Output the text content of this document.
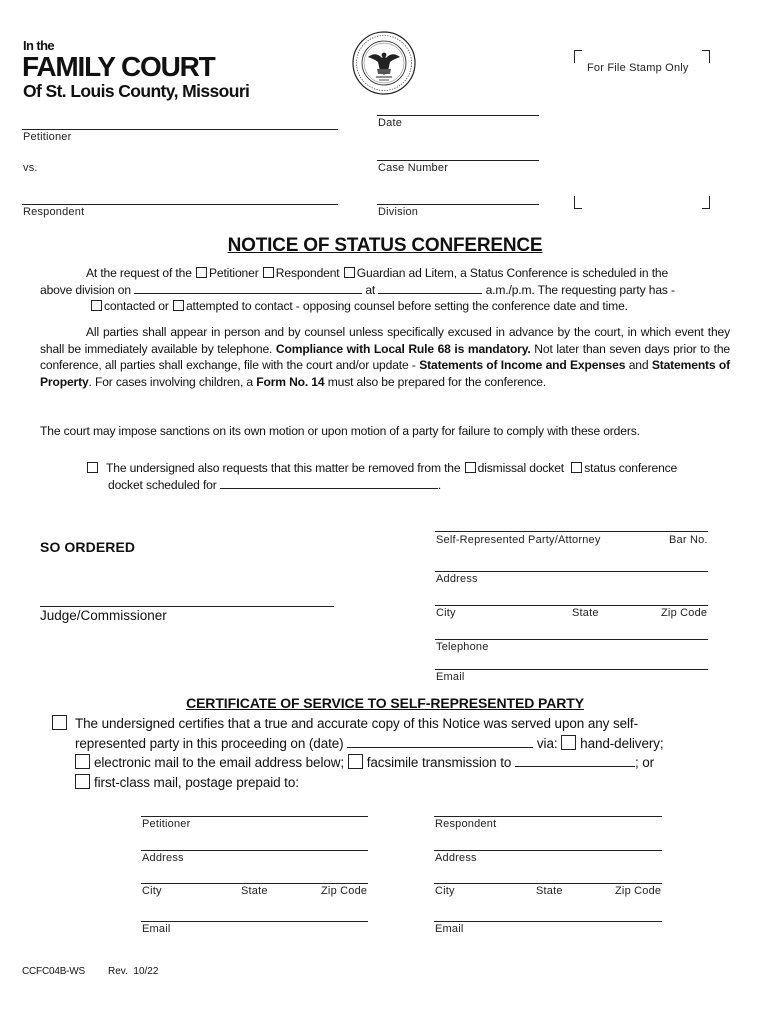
In the
FAMILY COURT
Of St. Louis County, Missouri
For File Stamp Only
Petitioner
vs.
Respondent
Date
Case Number
Division
NOTICE OF STATUS CONFERENCE
At the request of the Petitioner Respondent Guardian ad Litem, a Status Conference is scheduled in the
above division on	at	a.m./p.m. The requesting party has -
contacted or attempted to contact - opposing counsel before setting the conference date and time.
All parties shall appear in person and by counsel unless specifically excused in advance by the court, in which event they shall be immediately available by telephone. Compliance with Local Rule 68 is mandatory. Not later than seven days prior to the conference, all parties shall exchange, file with the court and/or update - Statements of Income and Expenses and Statements of Property. For cases involving children, a Form No. 14 must also be prepared for the conference.
The court may impose sanctions on its own motion or upon motion of a party for failure to comply with these orders.
The undersigned also requests that this matter be removed from the dismissal docket status conference
docket scheduled for	.
SO ORDERED
Judge/Commissioner
Self-Represented Party/Attorney	Bar No.
Address
City	State	Zip Code
Telephone
Email
CERTIFICATE OF SERVICE TO SELF-REPRESENTED PARTY
The undersigned certifies that a true and accurate copy of this Notice was served upon any self-
represented party in this proceeding on (date)	via: hand-delivery;
electronic mail to the email address below; facsimile transmission to	; or
first-class mail, postage prepaid to:
Petitioner
Address
City	State	Zip Code
Email
Respondent
Address
City	State	Zip Code
Email
CCFC04B-WS Rev.  10/22
